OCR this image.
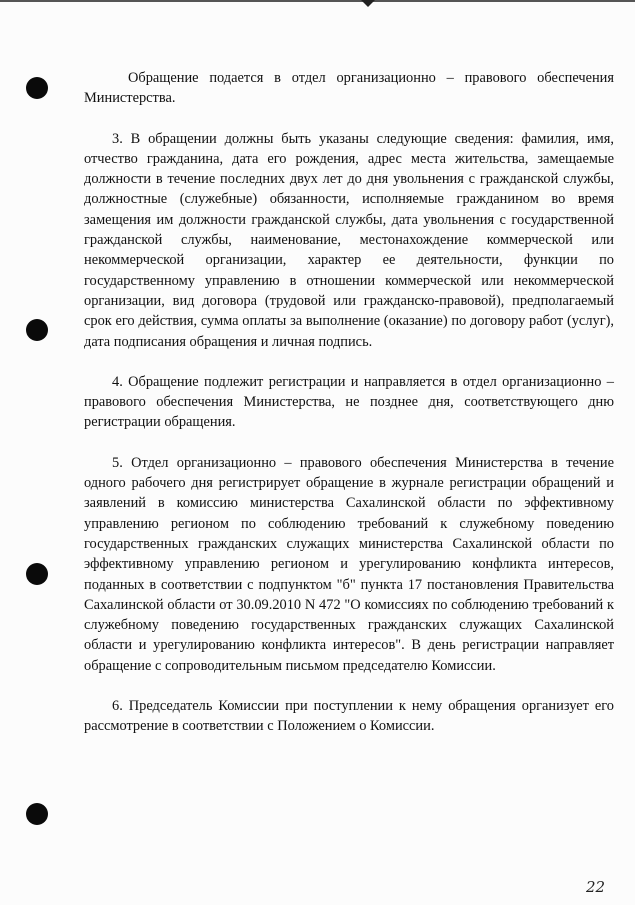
Обращение подается в отдел организационно – правового обеспечения Министерства.

3. В обращении должны быть указаны следующие сведения: фамилия, имя, отчество гражданина, дата его рождения, адрес места жительства, замещаемые должности в течение последних двух лет до дня увольнения с гражданской службы, должностные (служебные) обязанности, исполняемые гражданином во время замещения им должности гражданской службы, дата увольнения с государственной гражданской службы, наименование, местонахождение коммерческой или некоммерческой организации, характер ее деятельности, функции по государственному управлению в отношении коммерческой или некоммерческой организации, вид договора (трудовой или гражданско-правовой), предполагаемый срок его действия, сумма оплаты за выполнение (оказание) по договору работ (услуг), дата подписания обращения и личная подпись.

4. Обращение подлежит регистрации и направляется в отдел организационно – правового обеспечения Министерства, не позднее дня, соответствующего дню регистрации обращения.

5. Отдел организационно – правового обеспечения Министерства в течение одного рабочего дня регистрирует обращение в журнале регистрации обращений и заявлений в комиссию министерства Сахалинской области по эффективному управлению регионом по соблюдению требований к служебному поведению государственных гражданских служащих министерства Сахалинской области по эффективному управлению регионом и урегулированию конфликта интересов, поданных в соответствии с подпунктом "б" пункта 17 постановления Правительства Сахалинской области от 30.09.2010 N 472 "О комиссиях по соблюдению требований к служебному поведению государственных гражданских служащих Сахалинской области и урегулированию конфликта интересов". В день регистрации направляет обращение с сопроводительным письмом председателю Комиссии.

6. Председатель Комиссии при поступлении к нему обращения организует его рассмотрение в соответствии с Положением о Комиссии.

22
